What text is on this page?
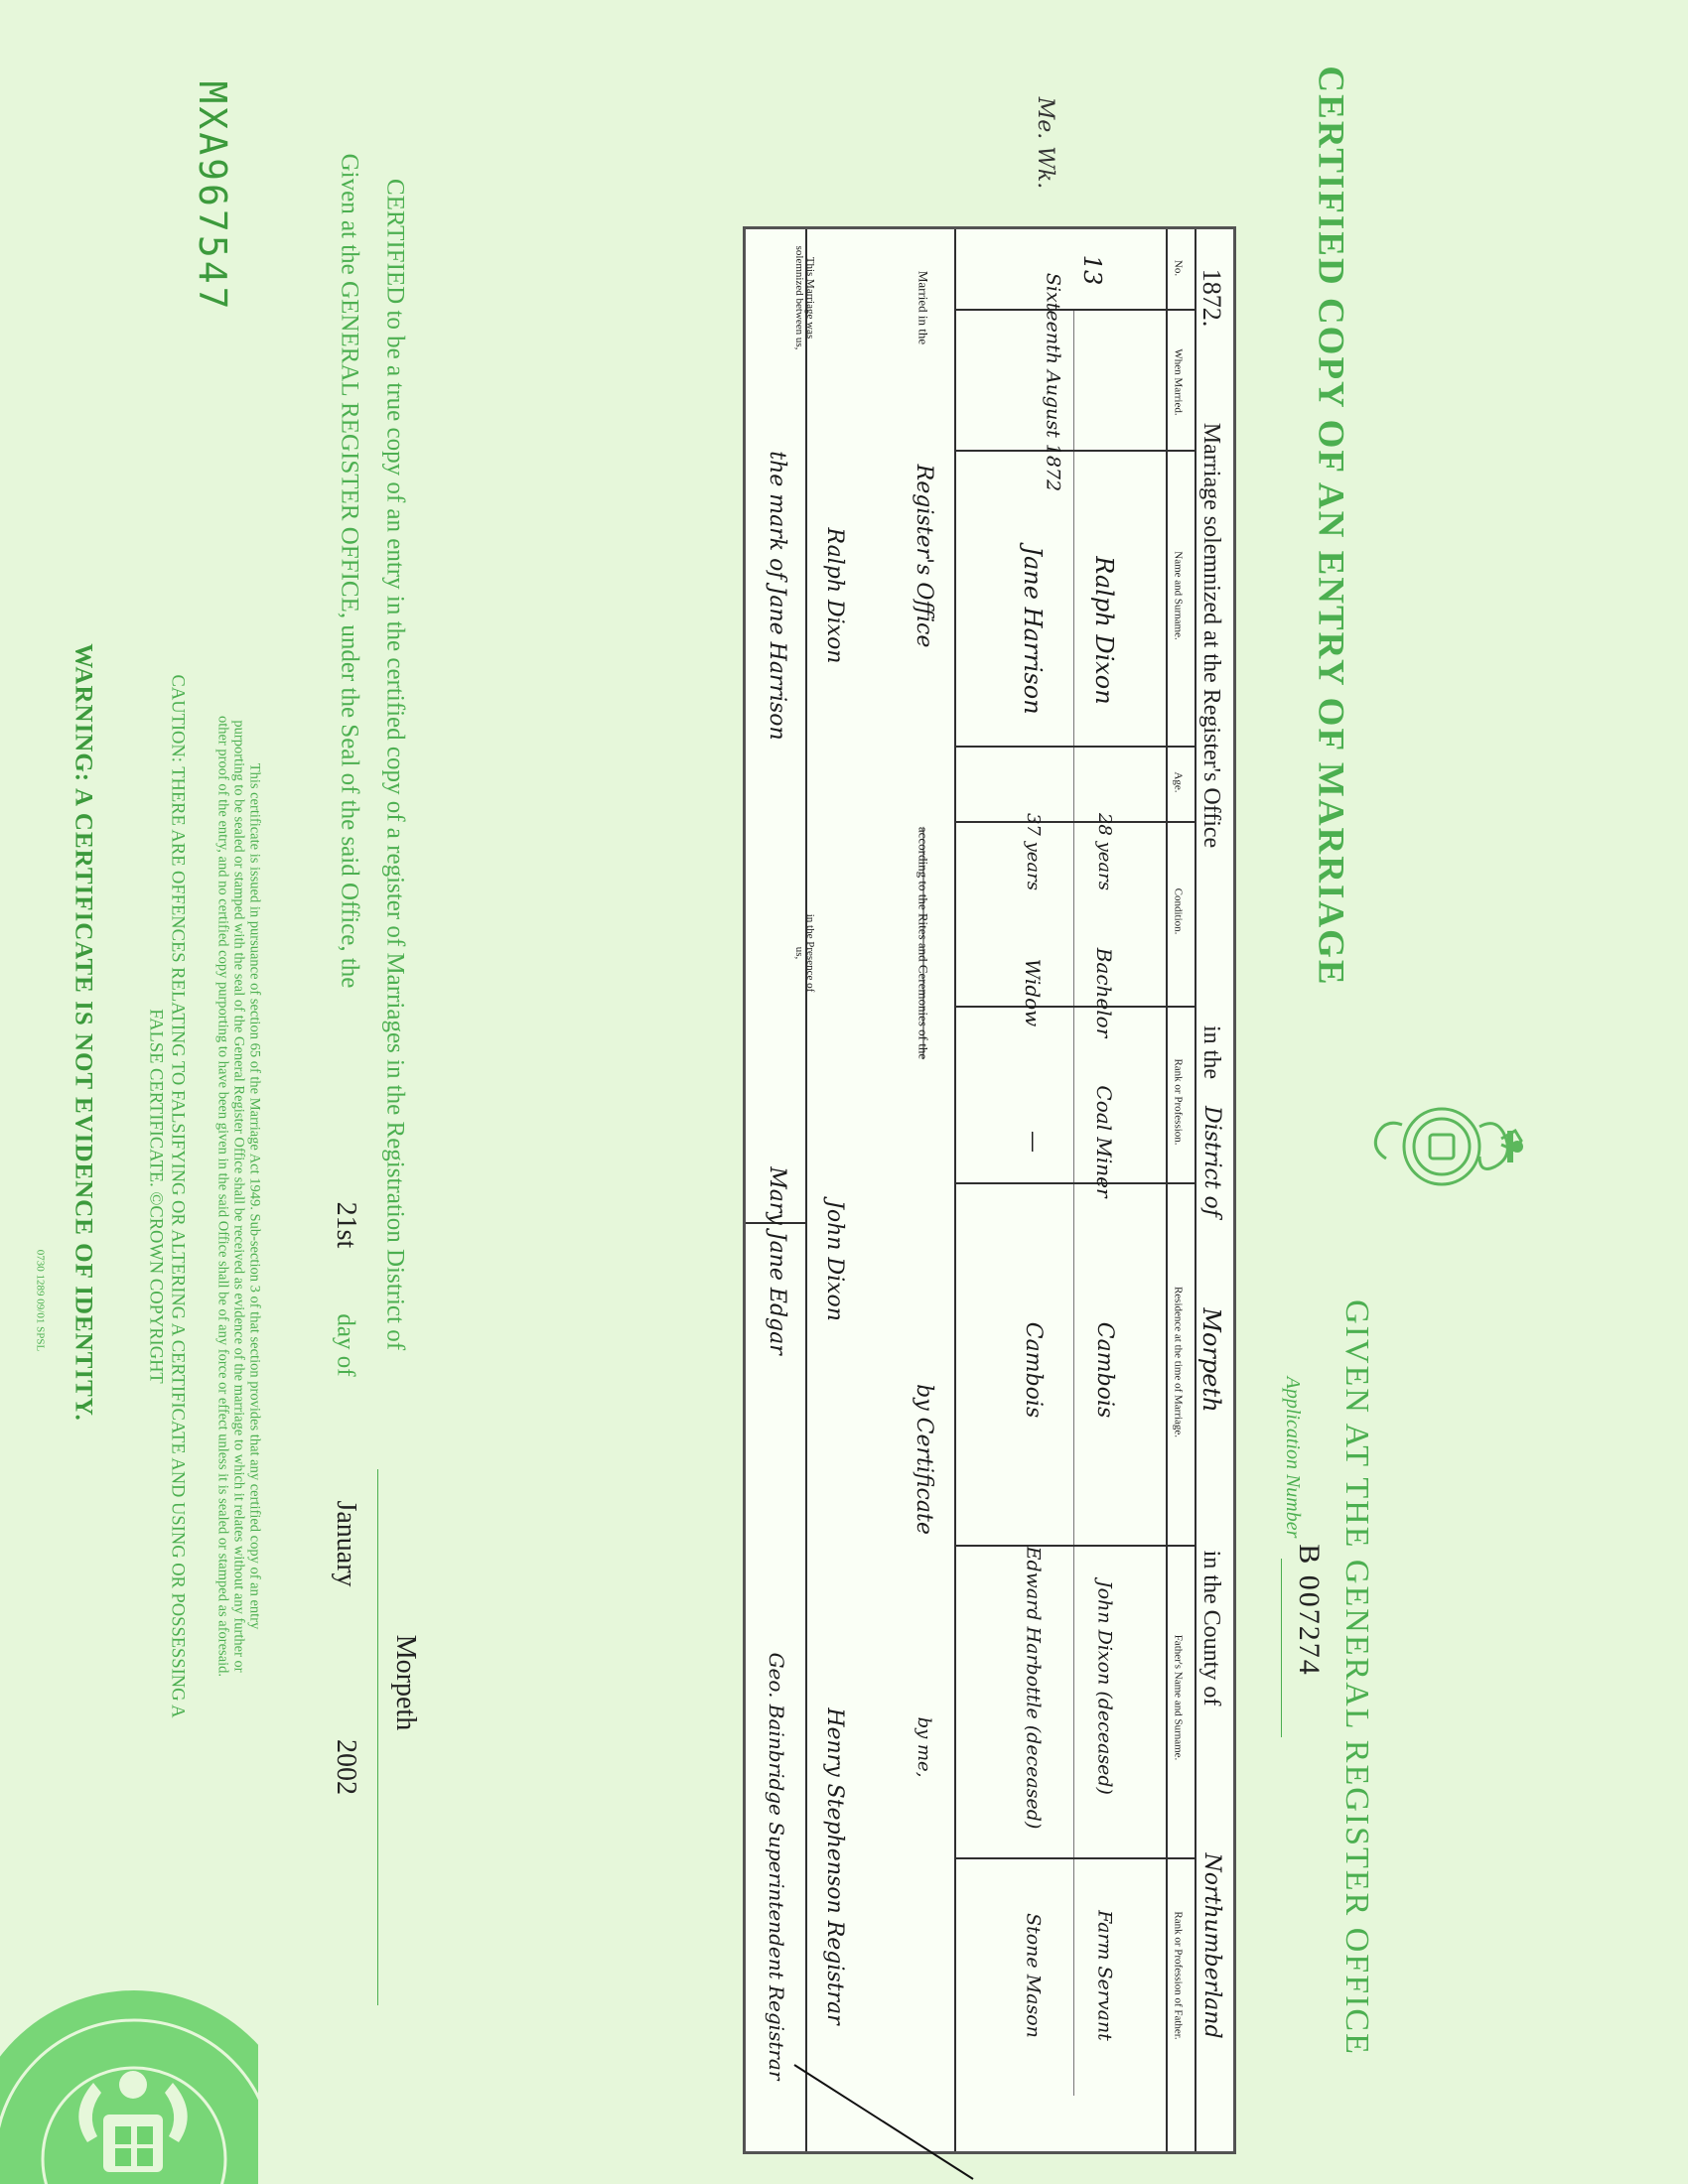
CERTIFIED COPY OF AN ENTRY OF MARRIAGE
GIVEN AT THE GENERAL REGISTER OFFICE
Application Number
B 007274
Me. Wk.
MXA967547	1872.
Marriage solemnized at the Register's Office
in the
District of
Morpeth
in the County of
Northumberland
No.
When Married.
Name and Surname.
Age.
Condition.
Rank or Profession.
Residence at the time of Marriage.
Father's Name and Surname.
Rank or Profession of Father.
13
Sixteenth August 1872
Ralph Dixon
Jane Harrison
28 years
37 years
Bachelor
Widow
Coal Miner
—
Cambois
Cambois
John Dixon (deceased)
Edward Harbottle (deceased)
Farm Servant
Stone Mason
Married in the
Register's Office
according to the Rites and Ceremonies of the
by Certificate
by me,
This Marriage was solemnized between us,
Ralph Dixon
the mark of Jane Harrison
in the Presence of us,
John Dixon
Mary Jane Edgar
Henry Stephenson Registrar
Geo. Bainbridge Superintendent Registrar
CERTIFIED to be a true copy of an entry in the certified copy of a register of Marriages in the Registration District of
Morpeth
Given at the GENERAL REGISTER OFFICE, under the Seal of the said Office, the
21st
day of
January
2002
This certificate is issued in pursuance of section 65 of the Marriage Act 1949. Sub-section 3 of that section provides that any certified copy of an entry
purporting to be sealed or stamped with the seal of the General Register Office shall be received as evidence of the marriage to which it relates without any further or
other proof of the entry, and no certified copy purporting to have been given in the said Office shall be of any force or effect unless it is sealed or stamped as aforesaid.
CAUTION: THERE ARE OFFENCES RELATING TO FALSIFYING OR ALTERING A CERTIFICATE AND USING OR POSSESSING A
FALSE CERTIFICATE. ©CROWN COPYRIGHT
WARNING: A CERTIFICATE IS NOT EVIDENCE OF IDENTITY.
0730 1289 09/01 SPSL
